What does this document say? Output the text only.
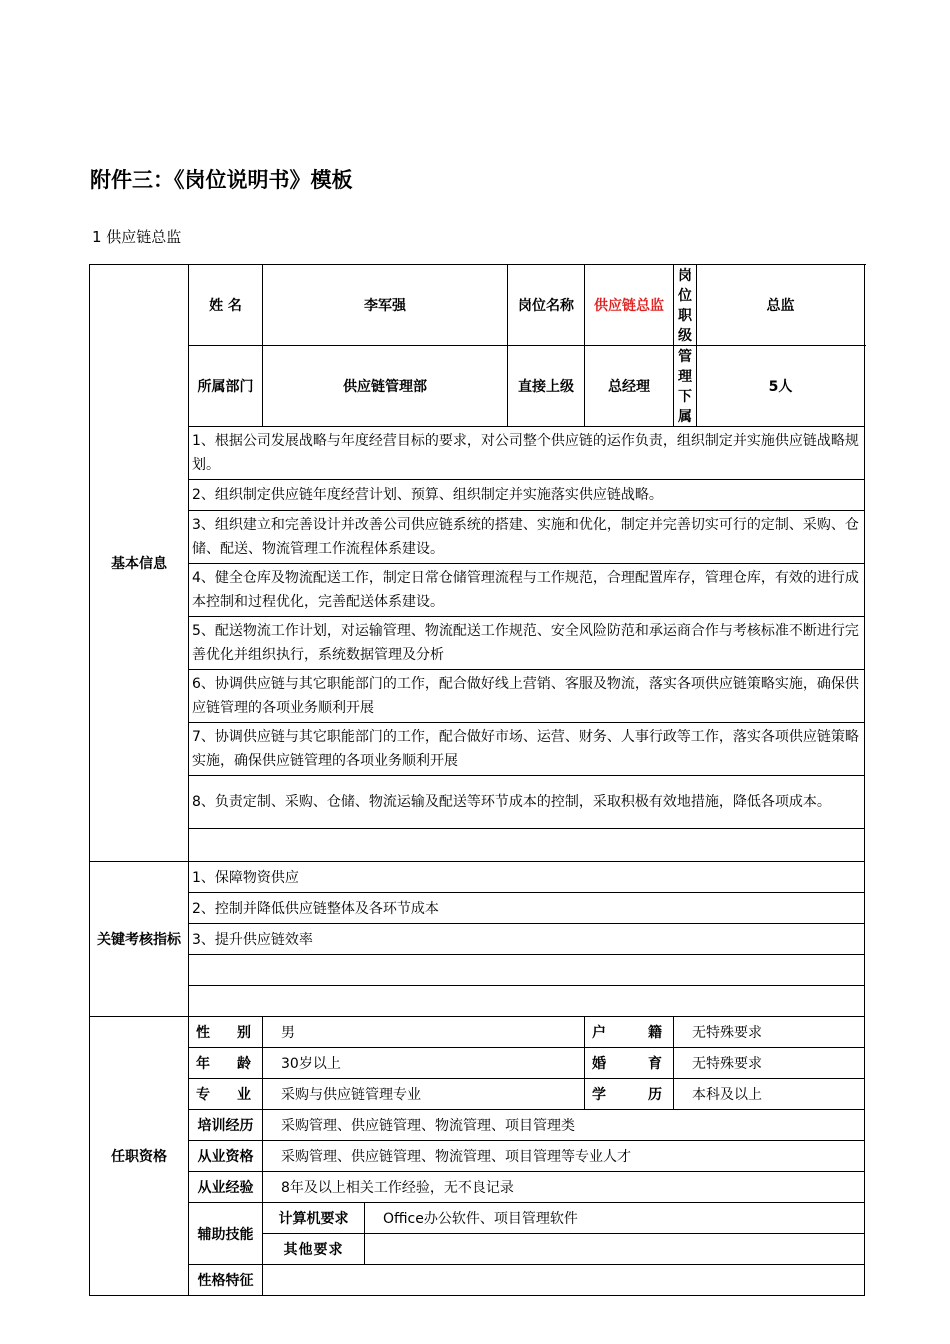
附件三：《岗位说明书》模板
1 供应链总监
基本信息	姓 名	李军强		岗位名称	供应链总监	岗位职级	总监
	所属部门	供应链管理部		直接上级	总经理	管理下属	5人
	1、根据公司发展战略与年度经营目标的要求，对公司整个供应链的运作负责，组织制定并实施供应链战略规划。						
	2、组织制定供应链年度经营计划、预算、组织制定并实施落实供应链战略。						
	3、组织建立和完善设计并改善公司供应链系统的搭建、实施和优化，制定并完善切实可行的定制、采购、仓储、配送、物流管理工作流程体系建设。						
	4、健全仓库及物流配送工作，制定日常仓储管理流程与工作规范，合理配置库存，管理仓库，有效的进行成本控制和过程优化，完善配送体系建设。						
	5、配送物流工作计划，对运输管理、物流配送工作规范、安全风险防范和承运商合作与考核标准不断进行完善优化并组织执行，系统数据管理及分析						
	6、协调供应链与其它职能部门的工作，配合做好线上营销、客服及物流，落实各项供应链策略实施，确保供应链管理的各项业务顺利开展						
	7、协调供应链与其它职能部门的工作，配合做好市场、运营、财务、人事行政等工作，落实各项供应链策略实施，确保供应链管理的各项业务顺利开展						
	8、负责定制、采购、仓储、物流运输及配送等环节成本的控制，采取积极有效地措施，降低各项成本。						

关键考核指标	1、保障物资供应						
	2、控制并降低供应链整体及各环节成本						
	3、提升供应链效率						

任职资格	性 别	男			户 籍	无特殊要求	

	年 龄	30岁以上			婚 育	无特殊要求	

	专 业	采购与供应链管理专业			学 历	本科及以上	
	培训经历	采购管理、供应链管理、物流管理、项目管理类					
	从业资格	采购管理、供应链管理、物流管理、项目管理等专业人才					
	从业经验	8年及以上相关工作经验，无不良记录					
	辅助技能	计算机要求	Office办公软件、项目管理软件				
		其他要求					
	性格特征						
